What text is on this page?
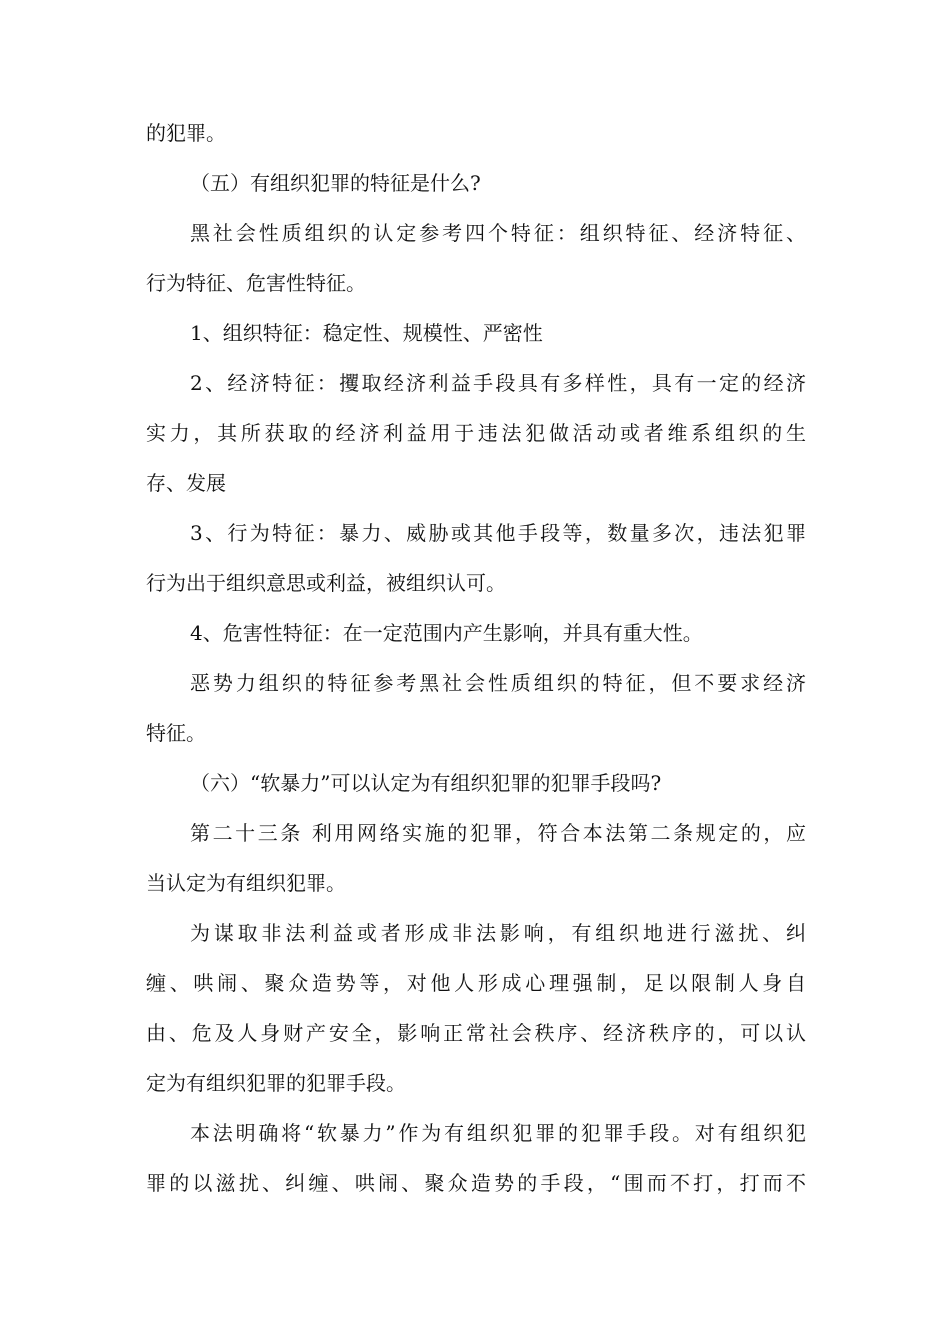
的犯罪。
（五）有组织犯罪的特征是什么?
黑社会性质组织的认定参考四个特征：组织特征、经济特征、
行为特征、危害性特征。
1、组织特征：稳定性、规模性、严密性
2、经济特征：攫取经济利益手段具有多样性，具有一定的经济
实力，其所获取的经济利益用于违法犯做活动或者维系组织的生
存、发展
3、行为特征：暴力、威胁或其他手段等，数量多次，违法犯罪
行为出于组织意思或利益，被组织认可。
4、危害性特征：在一定范围内产生影响，并具有重大性。
恶势力组织的特征参考黑社会性质组织的特征，但不要求经济
特征。
（六）“软暴力”可以认定为有组织犯罪的犯罪手段吗?
第二十三条 利用网络实施的犯罪，符合本法第二条规定的，应
当认定为有组织犯罪。
为谋取非法利益或者形成非法影响，有组织地进行滋扰、纠
缠、哄闹、聚众造势等，对他人形成心理强制，足以限制人身自
由、危及人身财产安全，影响正常社会秩序、经济秩序的，可以认
定为有组织犯罪的犯罪手段。
本法明确将“软暴力”作为有组织犯罪的犯罪手段。对有组织犯
罪的以滋扰、纠缠、哄闹、聚众造势的手段，“围而不打，打而不
